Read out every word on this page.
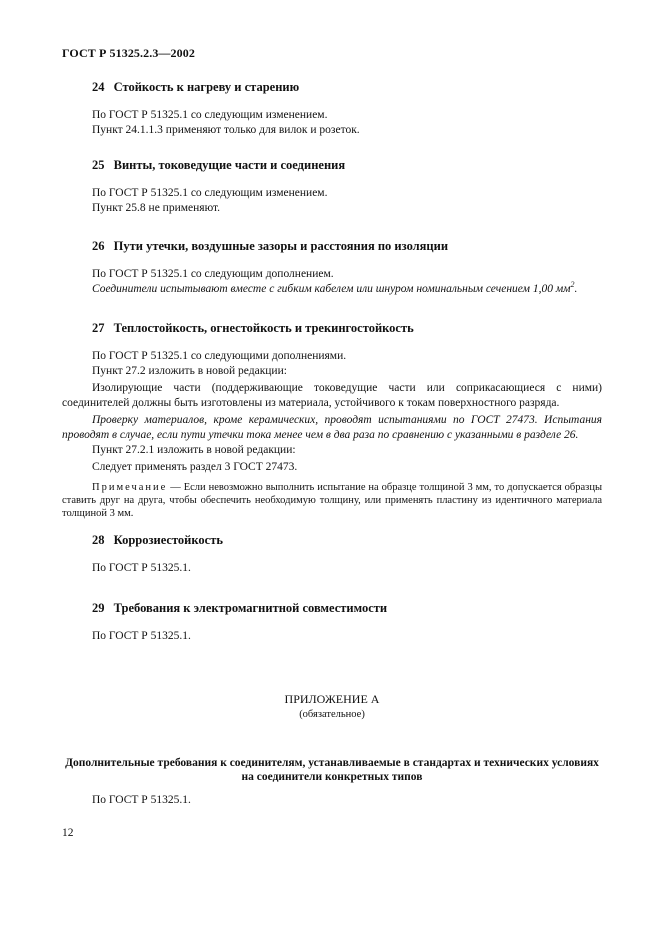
ГОСТ Р 51325.2.3—2002
24 Стойкость к нагреву и старению

По ГОСТ Р 51325.1 со следующим изменением.

Пункт 24.1.1.3 применяют только для вилок и розеток.

25 Винты, токоведущие части и соединения

По ГОСТ Р 51325.1 со следующим изменением.

Пункт 25.8 не применяют.

26 Пути утечки, воздушные зазоры и расстояния по изоляции

По ГОСТ Р 51325.1 со следующим дополнением.

Соединители испытывают вместе с гибким кабелем или шнуром номинальным сечением 1,00 $мм^2$.

27 Теплостойкость, огнестойкость и трекингостойкость

По ГОСТ Р 51325.1 со следующими дополнениями.

Пункт 27.2 изложить в новой редакции:

Изолирующие части (поддерживающие токоведущие части или соприкасающиеся с ними) соединителей должны быть изготовлены из материала, устойчивого к токам поверхностного разряда.

Проверку материалов, кроме керамических, проводят испытаниями по ГОСТ 27473. Испытания проводят в случае, если пути утечки тока менее чем в два раза по сравнению с указанными в разделе 26.

Пункт 27.2.1 изложить в новой редакции:

Следует применять раздел 3 ГОСТ 27473.

Примечание — Если невозможно выполнить испытание на образце толщиной 3 мм, то допускается образцы ставить друг на друга, чтобы обеспечить необходимую толщину, или применять пластину из идентичного материала толщиной 3 мм.

28 Коррозиестойкость

По ГОСТ Р 51325.1.

29 Требования к электромагнитной совместимости

По ГОСТ Р 51325.1.

ПРИЛОЖЕНИЕ А
(обязательное)
Дополнительные требования к соединителям, устанавливаемые в стандартах и технических условиях
на соединители конкретных типов

По ГОСТ Р 51325.1.

12
